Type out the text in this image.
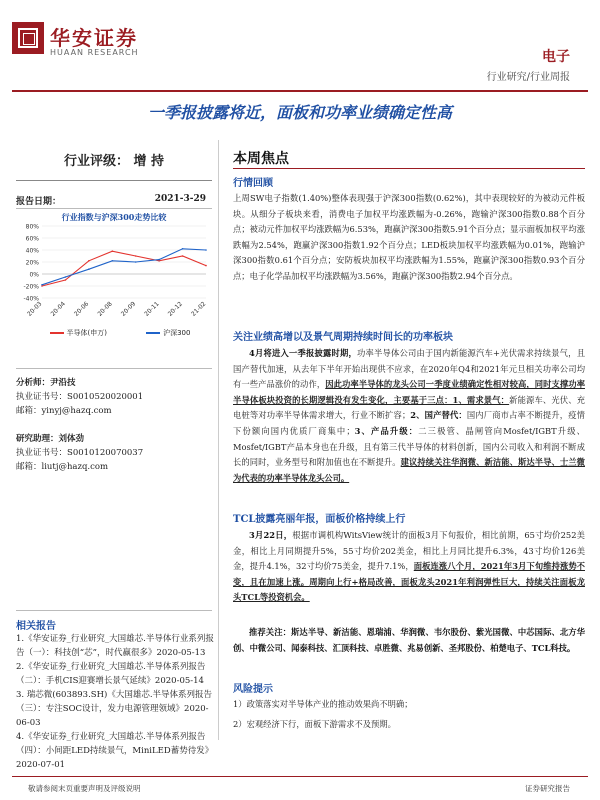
华安证券
HUAAN RESEARCH	电子
行业研究/行业周报
一季报披露将近，面板和功率业绩确定性高
行业评级： 增 持
报告日期：	2021-3-29
行业指数与沪深300走势比较
-40%
-20%
0%
20%
40%
60%
80%
20-03 20-04 20-06 20-08 20-09 20-11 20-12 21-02
半导体(申万)	沪深300
分析师：尹沿技
执业证书号：S0010520020001
邮箱：yinyj@hazq.com
研究助理：刘体劲
执业证书号：S0010120070037
邮箱：liutj@hazq.com
相关报告
1.《华安证券_行业研究_大国雄芯.半导体行业系列报告（一）：科技创“芯”，时代赢很多》2020-05-13
2.《华安证券_行业研究_大国雄芯.半导体系列报告（二）：手机CIS迎赛增长景气延续》2020-05-14
3. 瑞芯微(603893.SH)《大国雄芯.半导体系列报告（三）：专注SOC设计，发力电源管理领域》2020-06-03
4.《华安证券_行业研究_大国雄芯.半导体系列报告（四）：小间距LED持续景气，MiniLED蓄势待发》2020-07-01
本周焦点
行情回顾
上周SW电子指数(1.40%)整体表现强于沪深300指数(0.62%)，其中表现较好的为被动元件板块。从细分子板块来看，消费电子加权平均涨跌幅为-0.26%，跑输沪深300指数0.88个百分点；被动元件加权平均涨跌幅为6.53%，跑赢沪深300指数5.91个百分点；显示面板加权平均涨跌幅为2.54%，跑赢沪深300指数1.92个百分点；LED板块加权平均涨跌幅为0.01%，跑输沪深300指数0.61个百分点；安防板块加权平均涨跌幅为1.55%，跑赢沪深300指数0.93个百分点；电子化学品加权平均涨跌幅为3.56%，跑赢沪深300指数2.94个百分点。
关注业绩高增以及景气周期持续时间长的功率板块
4月将进入一季报披露时期，功率半导体公司由于国内新能源汽车+光伏需求持续景气，且国产替代加速，从去年下半年开始出现供不应求，在2020年Q4和2021年元旦相关功率公司均有一些产品涨价的动作，因此功率半导体的龙头公司一季度业绩确定性相对较高，同时支撑功率半导体板块投资的长期逻辑没有发生变化，主要基于三点：1、需求景气：新能源车、光伏、充电桩等对功率半导体需求增大，行业不断扩容；2、国产替代：国内厂商市占率不断提升，疫情下份额向国内优质厂商集中；3、产品升级：二三极管、晶闸管向Mosfet/IGBT升级、Mosfet/IGBT产品本身也在升级，且有第三代半导体的材料创新，国内公司收入和利润不断成长的同时，业务型号和附加值也在不断提升。建议持续关注华润微、新洁能、斯达半导、士兰微为代表的功率半导体龙头公司。
TCL披露亮丽年报，面板价格持续上行
3月22日，根据市调机构WitsView统计的面板3月下旬报价，相比前期，65寸均价252美金，相比上月同期提升5%，55寸均价202美金，相比上月同比提升6.3%，43寸均价126美金，提升4.1%，32寸均价75美金，提升7.1%，面板连涨八个月，2021年3月下旬维持涨势不变，且在加速上涨。周期向上行+格局改善，面板龙头2021年利润弹性巨大，持续关注面板龙头TCL等投资机会。
推荐关注：斯达半导、新洁能、恩瑞浦、华润微、韦尔股份、紫光国微、中芯国际、北方华创、中微公司、闻泰科技、汇顶科技、卓胜微、兆易创新、圣邦股份、柏楚电子、TCL科技。
风险提示
1）政策落实对半导体产业的推动效果尚不明确；
2）宏观经济下行，面板下游需求不及预期。
敬请参阅末页重要声明及评级说明	证券研究报告
